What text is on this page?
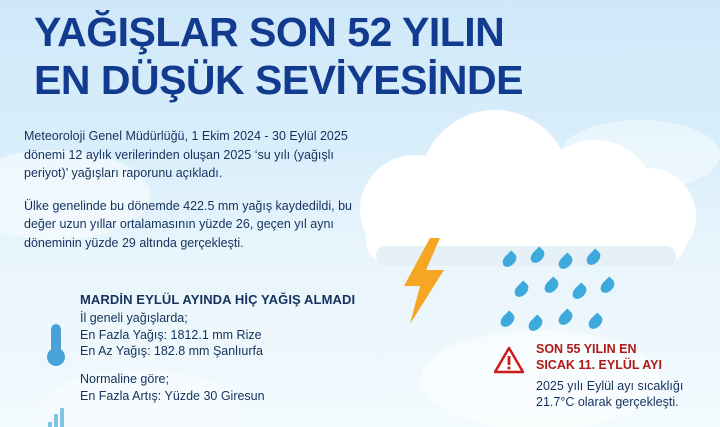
YAĞIŞLAR SON 52 YILIN
EN DÜŞÜK SEVİYESİNDE

Meteoroloji Genel Müdürlüğü, 1 Ekim 2024 - 30 Eylül 2025 dönemi 12 aylık verilerinden oluşan 2025 ‘su yılı (yağışlı periyot)’ yağışları raporunu açıkladı.

Ülke genelinde bu dönemde 422.5 mm yağış kaydedildi, bu değer uzun yıllar ortalamasının yüzde 26, geçen yıl aynı döneminin yüzde 29 altında gerçekleşti.

MARDİN EYLÜL AYINDA HİÇ YAĞIŞ ALMADI

İl geneli yağışlarda;

En Fazla Yağış: 1812.1 mm Rize

En Az Yağış: 182.8 mm Şanlıurfa

Normaline göre;

En Fazla Artış: Yüzde 30 Giresun

SON 55 YILIN EN

SICAK 11. EYLÜL AYI

2025 yılı Eylül ayı sıcaklığı 21.7°C olarak gerçekleşti.
